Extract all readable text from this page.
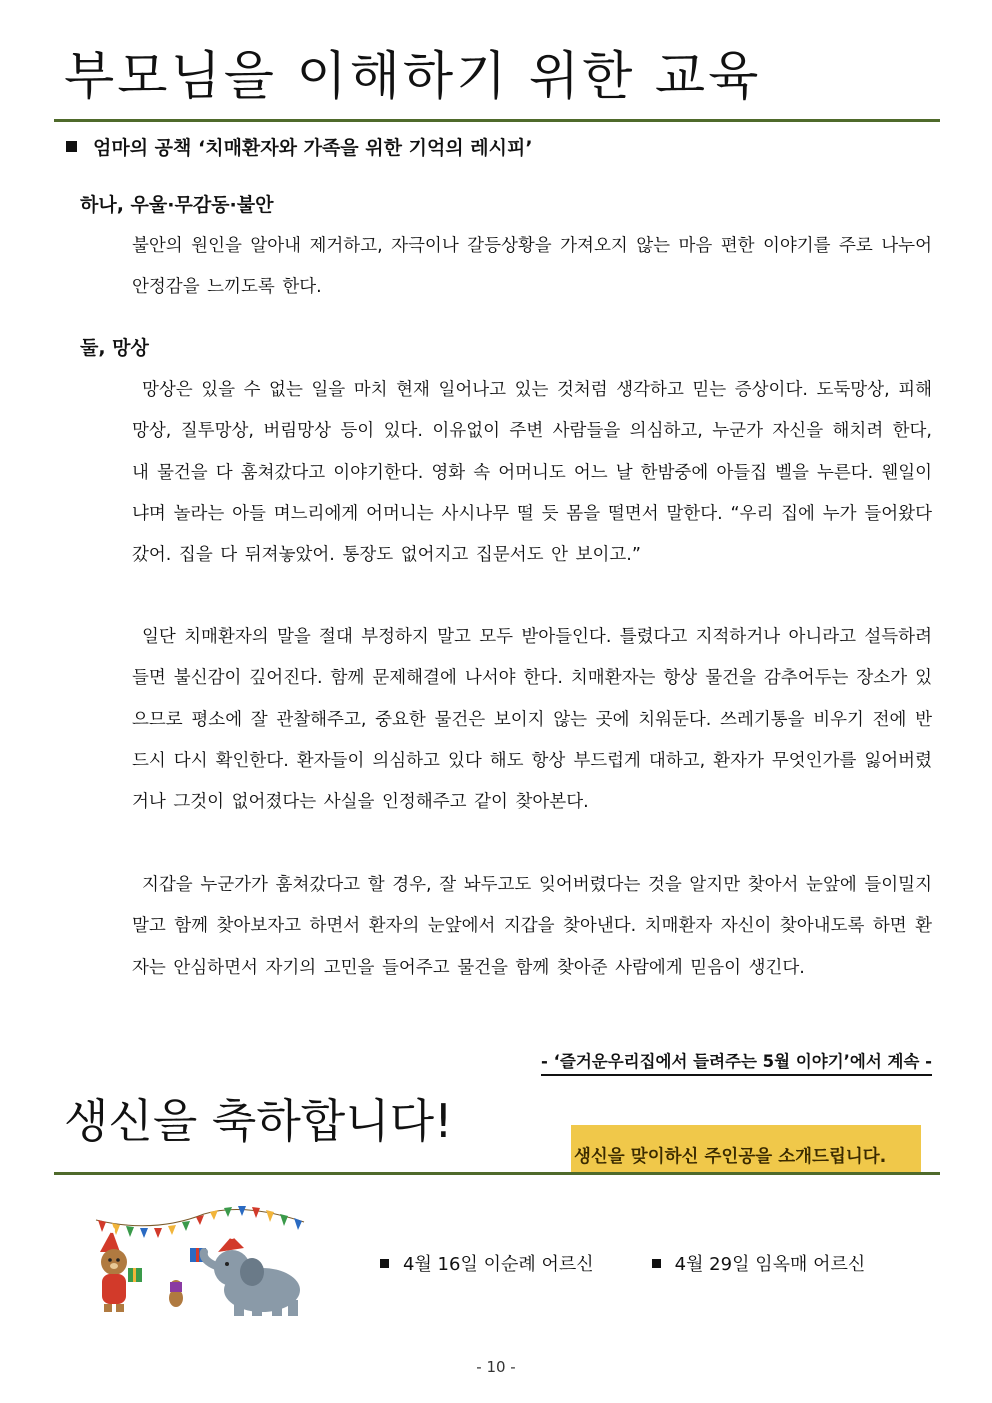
부모님을 이해하기 위한 교육
엄마의 공책 ‘치매환자와 가족을 위한 기억의 레시피’
하나, 우울·무감동·불안

불안의 원인을 알아내 제거하고, 자극이나 갈등상황을 가져오지 않는 마음 편한 이야기를 주로 나누어 안정감을 느끼도록 한다.

둘, 망상

망상은 있을 수 없는 일을 마치 현재 일어나고 있는 것처럼 생각하고 믿는 증상이다. 도둑망상, 피해망상, 질투망상, 버림망상 등이 있다. 이유없이 주변 사람들을 의심하고, 누군가 자신을 해치려 한다, 내 물건을 다 훔쳐갔다고 이야기한다. 영화 속 어머니도 어느 날 한밤중에 아들집 벨을 누른다. 웬일이냐며 놀라는 아들 며느리에게 어머니는 사시나무 떨 듯 몸을 떨면서 말한다. “우리 집에 누가 들어왔다 갔어. 집을 다 뒤져놓았어. 통장도 없어지고 집문서도 안 보이고.”

일단 치매환자의 말을 절대 부정하지 말고 모두 받아들인다. 틀렸다고 지적하거나 아니라고 설득하려 들면 불신감이 깊어진다. 함께 문제해결에 나서야 한다. 치매환자는 항상 물건을 감추어두는 장소가 있으므로 평소에 잘 관찰해주고, 중요한 물건은 보이지 않는 곳에 치워둔다. 쓰레기통을 비우기 전에 반드시 다시 확인한다. 환자들이 의심하고 있다 해도 항상 부드럽게 대하고, 환자가 무엇인가를 잃어버렸거나 그것이 없어졌다는 사실을 인정해주고 같이 찾아본다.

지갑을 누군가가 훔쳐갔다고 할 경우, 잘 놔두고도 잊어버렸다는 것을 알지만 찾아서 눈앞에 들이밀지 말고 함께 찾아보자고 하면서 환자의 눈앞에서 지갑을 찾아낸다. 치매환자 자신이 찾아내도록 하면 환자는 안심하면서 자기의 고민을 들어주고 물건을 함께 찾아준 사람에게 믿음이 생긴다.

- ‘즐거운우리집에서 들려주는 5월 이야기’에서 계속 -
생신을 축하합니다!
생신을 맞이하신 주인공을 소개드립니다.
4월 16일 이순례 어르신	4월 29일 임옥매 어르신
- 10 -
